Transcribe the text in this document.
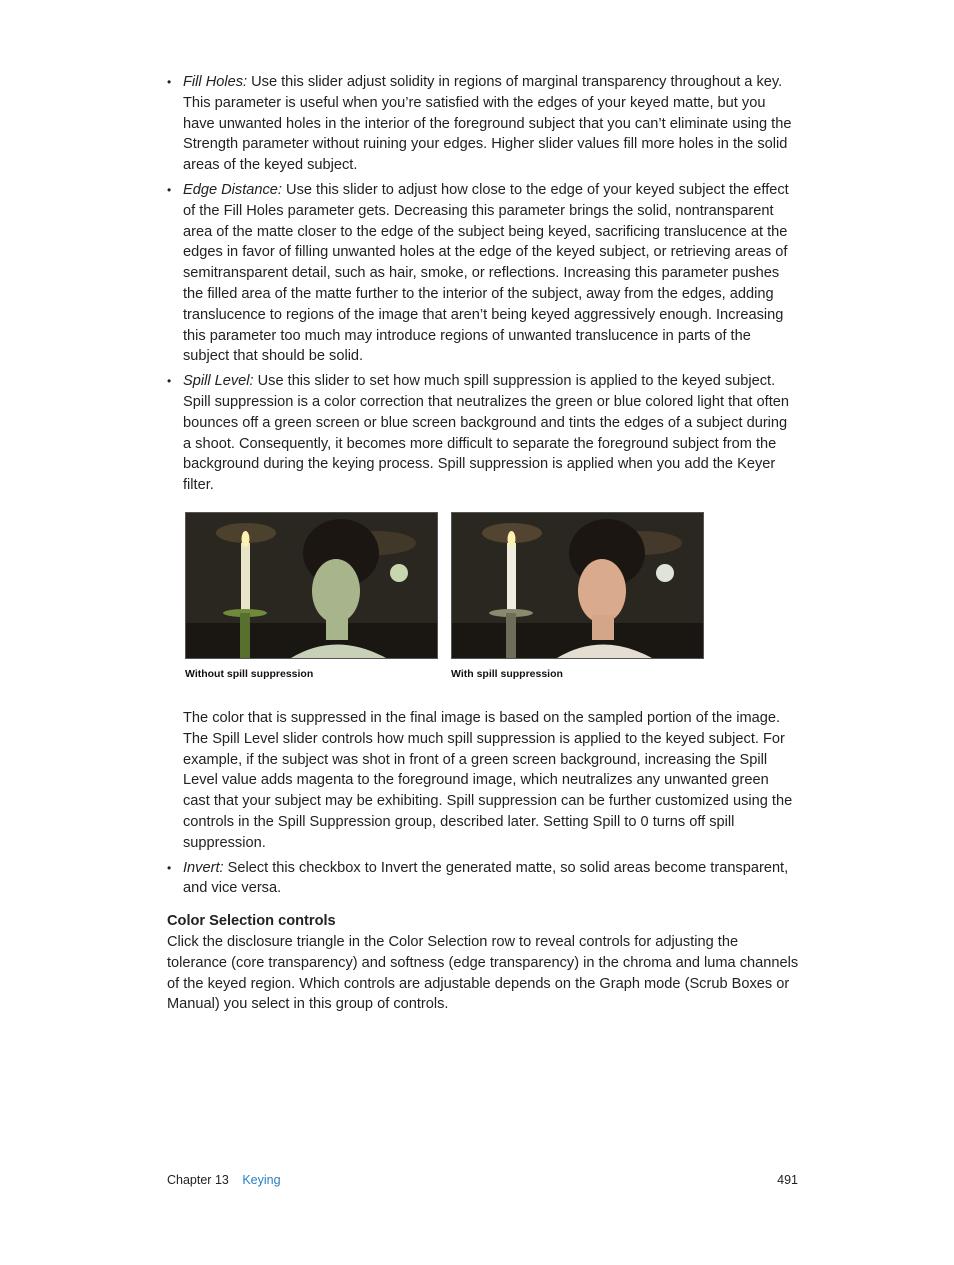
• Fill Holes: Use this slider adjust solidity in regions of marginal transparency throughout a key. This parameter is useful when you’re satisfied with the edges of your keyed matte, but you have unwanted holes in the interior of the foreground subject that you can’t eliminate using the Strength parameter without ruining your edges. Higher slider values fill more holes in the solid areas of the keyed subject.
• Edge Distance: Use this slider to adjust how close to the edge of your keyed subject the effect of the Fill Holes parameter gets. Decreasing this parameter brings the solid, nontransparent area of the matte closer to the edge of the subject being keyed, sacrificing translucence at the edges in favor of filling unwanted holes at the edge of the keyed subject, or retrieving areas of semitransparent detail, such as hair, smoke, or reflections. Increasing this parameter pushes the filled area of the matte further to the interior of the subject, away from the edges, adding translucence to regions of the image that aren’t being keyed aggressively enough. Increasing this parameter too much may introduce regions of unwanted translucence in parts of the subject that should be solid.
• Spill Level: Use this slider to set how much spill suppression is applied to the keyed subject. Spill suppression is a color correction that neutralizes the green or blue colored light that often bounces off a green screen or blue screen background and tints the edges of a subject during a shoot. Consequently, it becomes more difficult to separate the foreground subject from the background during the keying process. Spill suppression is applied when you add the Keyer filter.
Without spill suppression	With spill suppression
The color that is suppressed in the final image is based on the sampled portion of the image. The Spill Level slider controls how much spill suppression is applied to the keyed subject. For example, if the subject was shot in front of a green screen background, increasing the Spill Level value adds magenta to the foreground image, which neutralizes any unwanted green cast that your subject may be exhibiting. Spill suppression can be further customized using the controls in the Spill Suppression group, described later. Setting Spill to 0 turns off spill suppression.
• Invert: Select this checkbox to Invert the generated matte, so solid areas become transparent, and vice versa.
Color Selection controls

Click the disclosure triangle in the Color Selection row to reveal controls for adjusting the tolerance (core transparency) and softness (edge transparency) in the chroma and luma channels of the keyed region. Which controls are adjustable depends on the Graph mode (Scrub Boxes or Manual) you select in this group of controls.

Chapter 13 Keying	491
